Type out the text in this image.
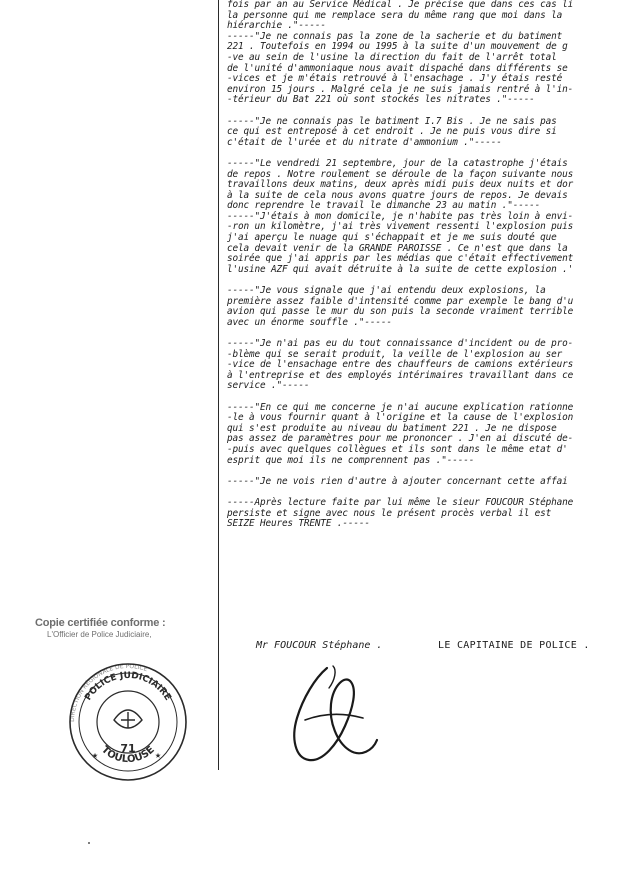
fois par an au Service Médical . Je précise que dans ces cas li
la personne qui me remplace sera du même rang que moi dans la
hiérarchie ."-----
-----"Je ne connais pas la zone de la sacherie et du batiment
221 . Toutefois en 1994 ou 1995 à la suite d'un mouvement de g
-ve au sein de l'usine la direction du fait de l'arrêt total
de l'unité d'ammoniaque nous avait dispaché dans différents se
-vices et je m'étais retrouvé à l'ensachage . J'y étais resté
environ 15 jours . Malgré cela je ne suis jamais rentré à l'in-
-térieur du Bat 221 où sont stockés les nitrates ."-----
-----"Je ne connais pas le batiment I.7 Bis . Je ne sais pas
ce qui est entreposé à cet endroit . Je ne puis vous dire si
c'était de l'urée et du nitrate d'ammonium ."-----
-----"Le vendredi 21 septembre, jour de la catastrophe j'étais
de repos . Notre roulement se déroule de la façon suivante nous
travaillons deux matins, deux après midi puis deux nuits et dor
à la suite de cela nous avons quatre jours de repos. Je devais
donc reprendre le travail le dimanche 23 au matin ."-----
-----"J'étais à mon domicile, je n'habite pas très loin à envi-
-ron un kilomètre, j'ai très vivement ressenti l'explosion puis
j'ai aperçu le nuage qui s'échappait et je me suis douté que
cela devait venir de la GRANDE PAROISSE . Ce n'est que dans la
soirée que j'ai appris par les médias que c'était effectivement
l'usine AZF qui avait détruite à la suite de cette explosion .'
-----"Je vous signale que j'ai entendu deux explosions, la
première assez faible d'intensité comme par exemple le bang d'u
avion qui passe le mur du son puis la seconde vraiment terrible
avec un énorme souffle ."-----
-----"Je n'ai pas eu du tout connaissance d'incident ou de pro-
-blème qui se serait produit, la veille de l'explosion au ser
-vice de l'ensachage entre des chauffeurs de camions extérieurs
à l'entreprise et des employés intérimaires travaillant dans ce
service ."-----
-----"En ce qui me concerne je n'ai aucune explication rationne
-le à vous fournir quant à l'origine et la cause de l'explosion
qui s'est produite au niveau du batiment 221 . Je ne dispose
pas assez de paramètres pour me prononcer . J'en ai discuté de-
-puis avec quelques collègues et ils sont dans le même etat d'
esprit que moi ils ne comprennent pas ."-----
-----"Je ne vois rien d'autre à ajouter concernant cette affai
-----Après lecture faite par lui même le sieur FOUCOUR Stéphane
persiste et signe avec nous le présent procès verbal il est
SEIZE Heures TRENTE .-----
Mr FOUCOUR Stéphane .	LE CAPITAINE DE POLICE .
Copie certifiée conforme :
L'Officier de Police Judiciaire,
POLICE JUDICIAIRE
DIRECTION RÉGIONALE DE POLICE
71
TOULOUSE
★	★
